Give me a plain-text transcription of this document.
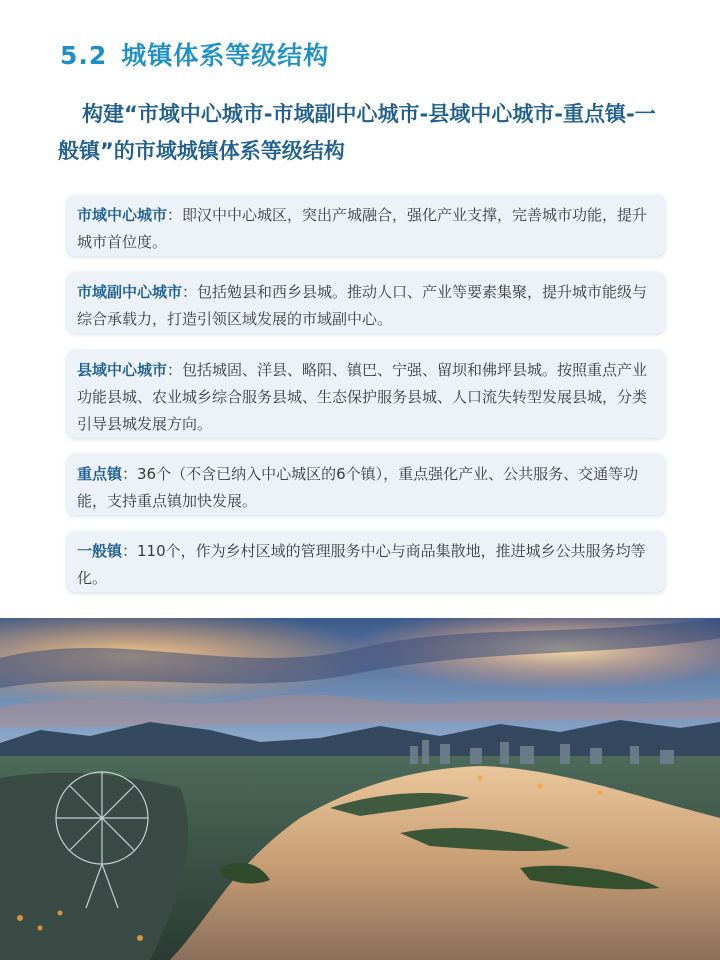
5.2 城镇体系等级结构
构建“市域中心城市-市域副中心城市-县域中心城市-重点镇-一般镇”的市域城镇体系等级结构
市域中心城市：即汉中中心城区，突出产城融合，强化产业支撑，完善城市功能，提升城市首位度。
市域副中心城市：包括勉县和西乡县城。推动人口、产业等要素集聚，提升城市能级与综合承载力，打造引领区域发展的市域副中心。
县域中心城市：包括城固、洋县、略阳、镇巴、宁强、留坝和佛坪县城。按照重点产业功能县城、农业城乡综合服务县城、生态保护服务县城、人口流失转型发展县城，分类引导县城发展方向。
重点镇：36个（不含已纳入中心城区的6个镇），重点强化产业、公共服务、交通等功能，支持重点镇加快发展。
一般镇：110个，作为乡村区域的管理服务中心与商品集散地，推进城乡公共服务均等化。
